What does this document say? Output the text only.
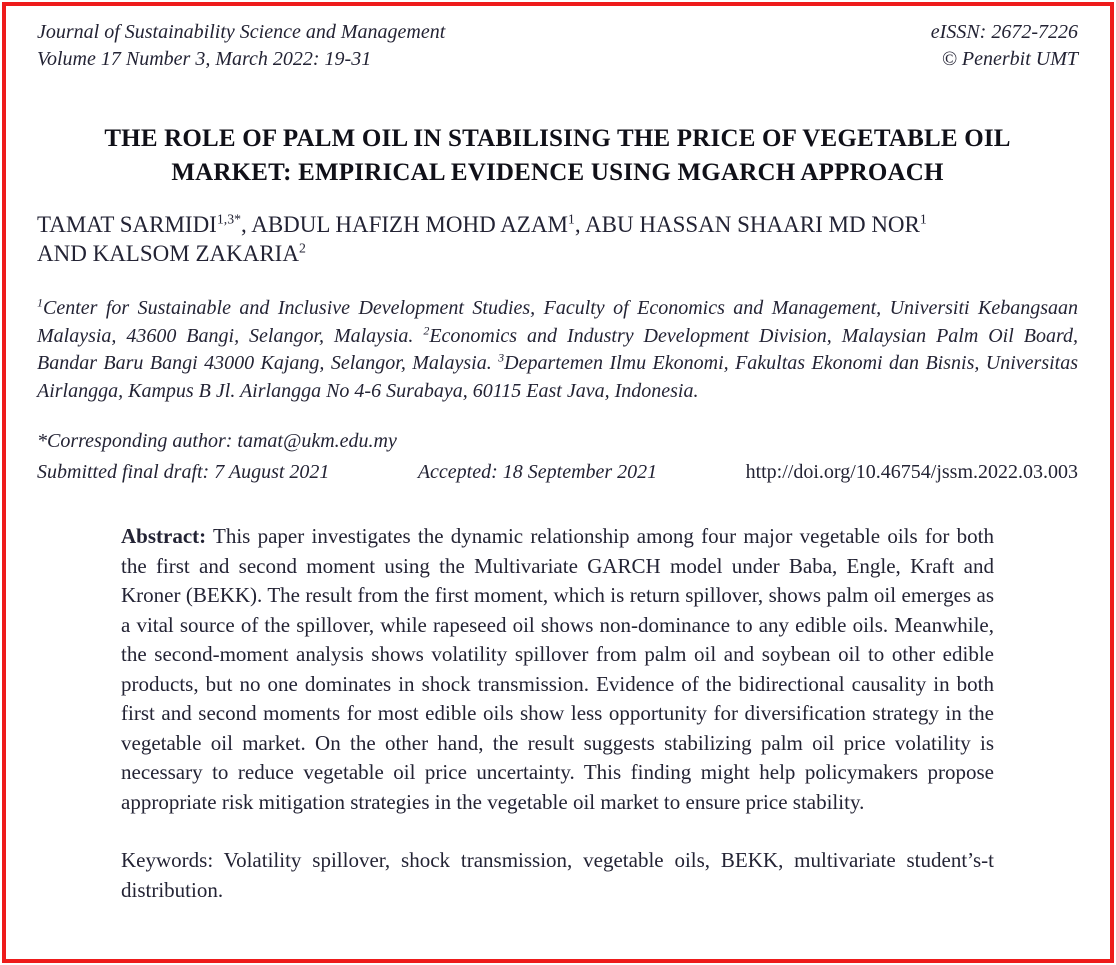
Journal of Sustainability Science and Management
Volume 17 Number 3, March 2022: 19-31
eISSN: 2672-7226
© Penerbit UMT
THE ROLE OF PALM OIL IN STABILISING THE PRICE OF VEGETABLE OIL
MARKET: EMPIRICAL EVIDENCE USING MGARCH APPROACH
TAMAT $SARMIDI^{1,3*}$, ABDUL HAFIZH MOHD AZAM$^1$, ABU HASSAN SHAARI MD NOR$^1$
AND KALSOM ZAKARIA$^2$

$^1$Center for Sustainable and Inclusive Development Studies, Faculty of Economics and Management, Universiti Kebangsaan Malaysia, 43600 Bangi, Selangor, Malaysia. $^2$Economics and Industry Development Division, Malaysian Palm Oil Board, Bandar Baru Bangi 43000 Kajang, Selangor, Malaysia. $^3$Departemen Ilmu Ekonomi, Fakultas Ekonomi dan Bisnis, Universitas Airlangga, Kampus B Jl. Airlangga No 4-6 Surabaya, 60115 East Java, Indonesia.

*Corresponding author: tamat@ukm.edu.my

Submitted final draft: 7 August 2021	Accepted: 18 September 2021	http://doi.org/10.46754/jssm.2022.03.003

Abstract: This paper investigates the dynamic relationship among four major vegetable oils for both the first and second moment using the Multivariate GARCH model under Baba, Engle, Kraft and Kroner (BEKK). The result from the first moment, which is return spillover, shows palm oil emerges as a vital source of the spillover, while rapeseed oil shows non-dominance to any edible oils. Meanwhile, the second-moment analysis shows volatility spillover from palm oil and soybean oil to other edible products, but no one dominates in shock transmission. Evidence of the bidirectional causality in both first and second moments for most edible oils show less opportunity for diversification strategy in the vegetable oil market. On the other hand, the result suggests stabilizing palm oil price volatility is necessary to reduce vegetable oil price uncertainty. This finding might help policymakers propose appropriate risk mitigation strategies in the vegetable oil market to ensure price stability.

Keywords: Volatility spillover, shock transmission, vegetable oils, BEKK, multivariate student’s-t distribution.
